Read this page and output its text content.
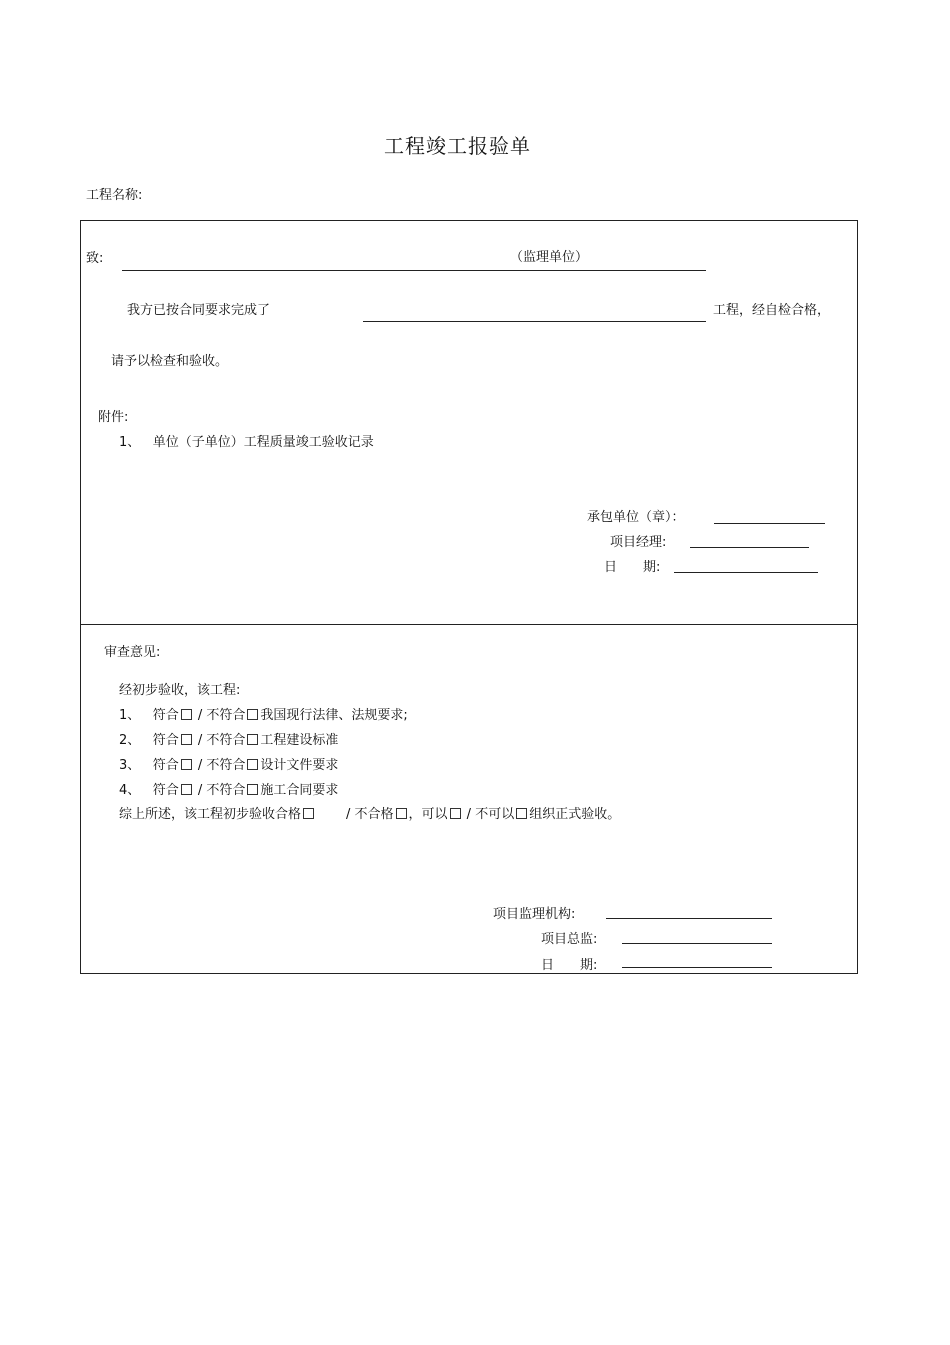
工程竣工报验单
工程名称:
致:	（监理单位）
我方已按合同要求完成了	工程，经自检合格，
请予以检查和验收。
附件:
1、 单位（子单位）工程质量竣工验收记录
承包单位（章）：
项目经理:
日　　期:
审查意见:
经初步验收，该工程:
1、 符合 / 不符合 我国现行法律、法规要求;
2、 符合 / 不符合 工程建设标准
3、 符合 / 不符合 设计文件要求
4、 符合 / 不符合 施工合同要求
综上所述，该工程初步验收合格	/ 不合格 ，可以 / 不可以 组织正式验收。
项目监理机构:
项目总监:
日　　期:
